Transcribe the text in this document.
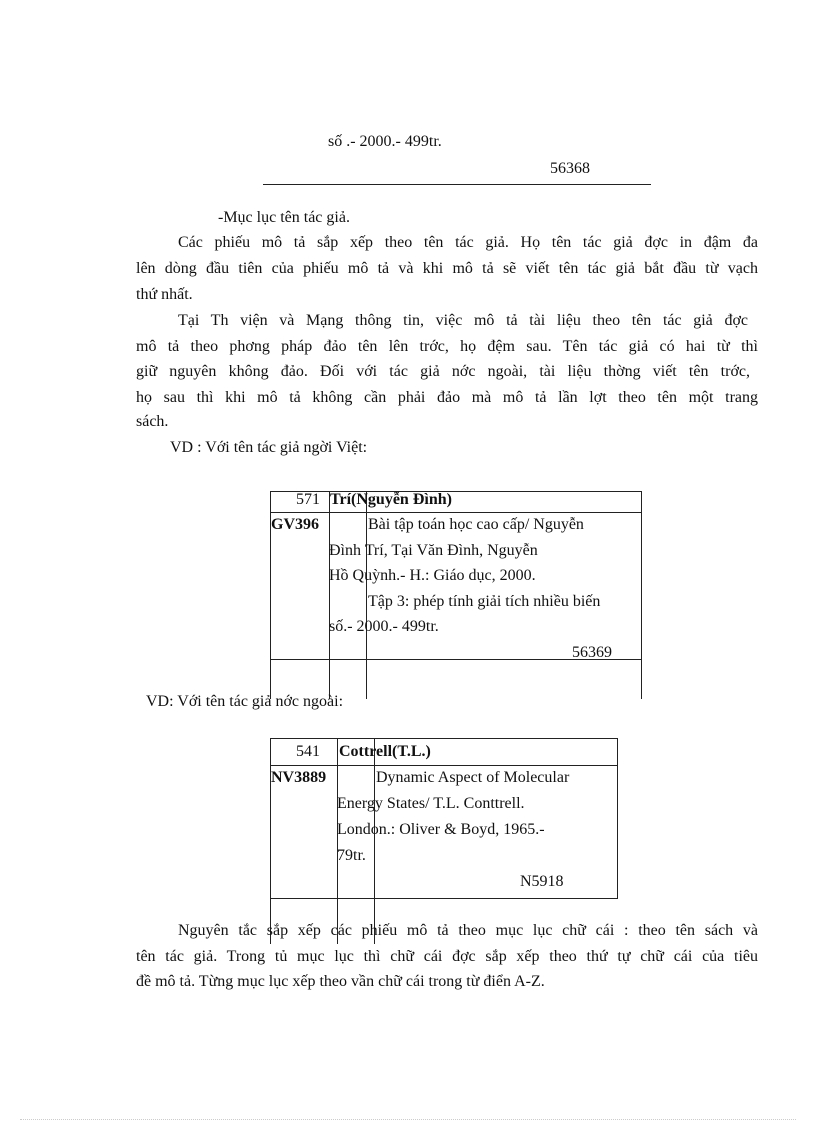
số .- 2000.- 499tr.
56368
-Mục lục tên tác giả.
Các phiếu mô tả sắp xếp theo tên tác giả. Họ tên tác giả đợc in đậm đa
lên dòng đầu tiên của phiếu mô tả và khi mô tả sẽ viết tên tác giả bắt đầu từ vạch
thứ nhất.
Tại Th viện và Mạng thông tin, việc mô tả tài liệu theo tên tác giả đợc
mô tả theo phơng pháp đảo tên lên trớc, họ đệm sau. Tên tác giả có hai từ thì
giữ nguyên không đảo. Đối với tác giả nớc ngoài, tài liệu thờng viết tên trớc,
họ sau thì khi mô tả không cần phải đảo mà mô tả lần lợt theo tên một trang
sách.
VD : Với tên tác giả ngời Việt:
571 Trí(Nguyễn Đình)
GV396	Bài tập toán học cao cấp/ Nguyễn
Đình Trí, Tại Văn Đình, Nguyễn
Hồ Quỳnh.- H.: Giáo dục, 2000.
Tập 3: phép tính giải tích nhiều biến
số.- 2000.- 499tr.
56369
VD: Với tên tác giả nớc ngoài:
541 Cottrell(T.L.)
NV3889	Dynamic Aspect of Molecular
Energy States/ T.L. Conttrell.
London.: Oliver & Boyd, 1965.-
79tr.
N5918
Nguyên tắc sắp xếp các phiếu mô tả theo mục lục chữ cái : theo tên sách và
tên tác giả. Trong tủ mục lục thì chữ cái đợc sắp xếp theo thứ tự chữ cái của tiêu
đề mô tả. Từng mục lục xếp theo vần chữ cái trong từ điển A-Z.
